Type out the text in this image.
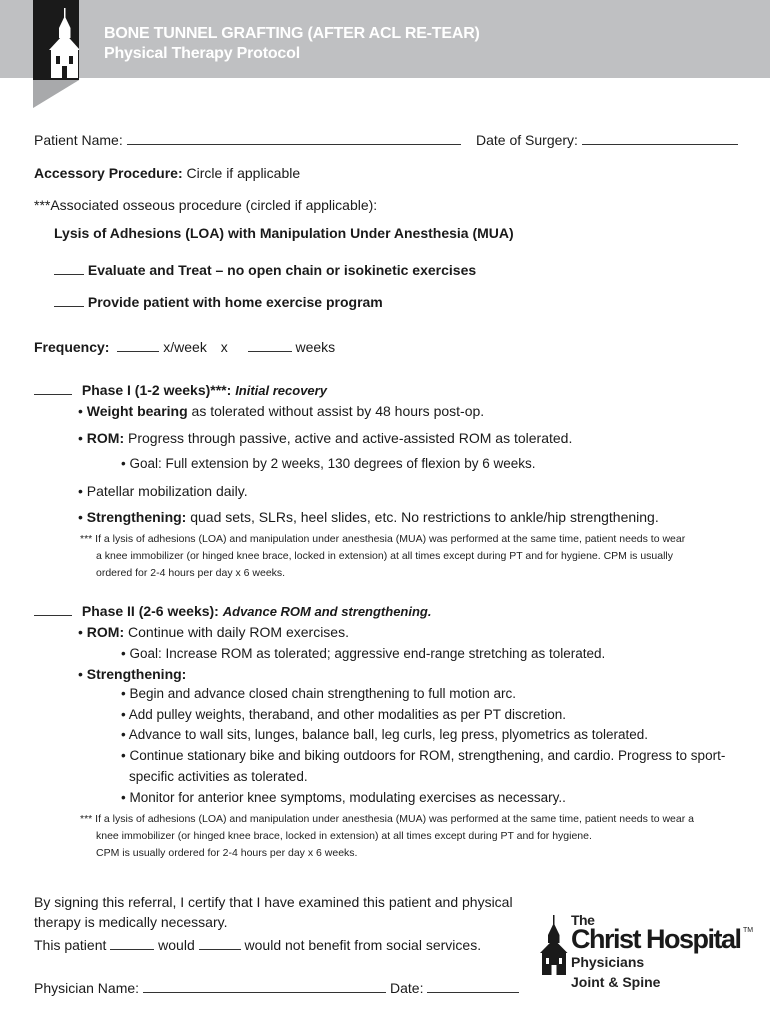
BONE TUNNEL GRAFTING (AFTER ACL RE-TEAR)
Physical Therapy Protocol
Patient Name:	Date of Surgery:
Accessory Procedure: Circle if applicable
***Associated osseous procedure (circled if applicable):
Lysis of Adhesions (LOA) with Manipulation Under Anesthesia (MUA)
Evaluate and Treat – no open chain or isokinetic exercises
Provide patient with home exercise program
Frequency:	x/week x	weeks
Phase I (1-2 weeks)***: Initial recovery
• Weight bearing as tolerated without assist by 48 hours post-op.
• ROM: Progress through passive, active and active-assisted ROM as tolerated.
• Goal: Full extension by 2 weeks, 130 degrees of flexion by 6 weeks.
• Patellar mobilization daily.
• Strengthening: quad sets, SLRs, heel slides, etc. No restrictions to ankle/hip strengthening.
*** If a lysis of adhesions (LOA) and manipulation under anesthesia (MUA) was performed at the same time, patient needs to wear
a knee immobilizer (or hinged knee brace, locked in extension) at all times except during PT and for hygiene. CPM is usually
ordered for 2-4 hours per day x 6 weeks.
Phase II (2-6 weeks): Advance ROM and strengthening.
• ROM: Continue with daily ROM exercises.
• Goal: Increase ROM as tolerated; aggressive end-range stretching as tolerated.
• Strengthening:
• Begin and advance closed chain strengthening to full motion arc.
• Add pulley weights, theraband, and other modalities as per PT discretion.
• Advance to wall sits, lunges, balance ball, leg curls, leg press, plyometrics as tolerated.
• Continue stationary bike and biking outdoors for ROM, strengthening, and cardio. Progress to sport-
specific activities as tolerated.
• Monitor for anterior knee symptoms, modulating exercises as necessary..
*** If a lysis of adhesions (LOA) and manipulation under anesthesia (MUA) was performed at the same time, patient needs to wear a
knee immobilizer (or hinged knee brace, locked in extension) at all times except during PT and for hygiene.
CPM is usually ordered for 2-4 hours per day x 6 weeks.
By signing this referral, I certify that I have examined this patient and physical
therapy is medically necessary.
This patient	would	would not benefit from social services.
Physician Name:	Date:
The
Christ Hospital TM
Physicians
Joint & Spine
